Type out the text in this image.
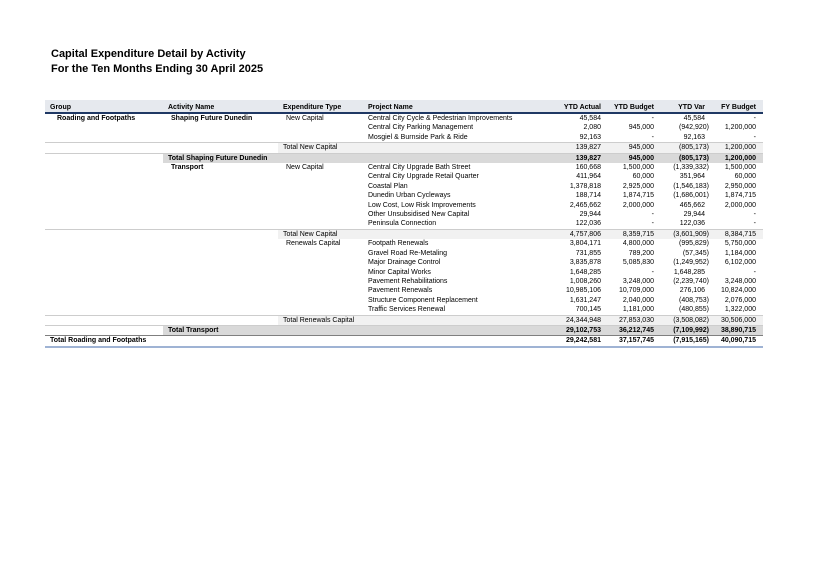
Capital Expenditure Detail by Activity
For the Ten Months Ending 30 April 2025
Group	Activity Name	Expenditure Type	Project Name	YTD Actual	YTD Budget	YTD Var	FY Budget
Roading and Footpaths	Shaping Future Dunedin	New Capital	Central City Cycle & Pedestrian Improvements	45,584	-	45,584	-
			Central City Parking Management	2,080	945,000	(942,920)	1,200,000
			Mosgiel & Burnside Park & Ride	92,163	-	92,163	-
		Total New Capital		139,827	945,000	(805,173)	1,200,000
	Total Shaping Future Dunedin			139,827	945,000	(805,173)	1,200,000
	Transport	New Capital	Central City Upgrade Bath Street	160,668	1,500,000	(1,339,332)	1,500,000
			Central City Upgrade Retail Quarter	411,964	60,000	351,964	60,000
			Coastal Plan	1,378,818	2,925,000	(1,546,183)	2,950,000
			Dunedin Urban Cycleways	188,714	1,874,715	(1,686,001)	1,874,715
			Low Cost, Low Risk Improvements	2,465,662	2,000,000	465,662	2,000,000
			Other Unsubsidised New Capital	29,944	-	29,944	-
			Peninsula Connection	122,036	-	122,036	-
		Total New Capital		4,757,806	8,359,715	(3,601,909)	8,384,715
		Renewals Capital	Footpath Renewals	3,804,171	4,800,000	(995,829)	5,750,000
			Gravel Road Re-Metaling	731,855	789,200	(57,345)	1,184,000
			Major Drainage Control	3,835,878	5,085,830	(1,249,952)	6,102,000
			Minor Capital Works	1,648,285	-	1,648,285	-
			Pavement Rehabilitations	1,008,260	3,248,000	(2,239,740)	3,248,000
			Pavement Renewals	10,985,106	10,709,000	276,106	10,824,000
			Structure Component Replacement	1,631,247	2,040,000	(408,753)	2,076,000
			Traffic Services Renewal	700,145	1,181,000	(480,855)	1,322,000
		Total Renewals Capital		24,344,948	27,853,030	(3,508,082)	30,506,000
	Total Transport			29,102,753	36,212,745	(7,109,992)	38,890,715
Total Roading and Footpaths				29,242,581	37,157,745	(7,915,165)	40,090,715
